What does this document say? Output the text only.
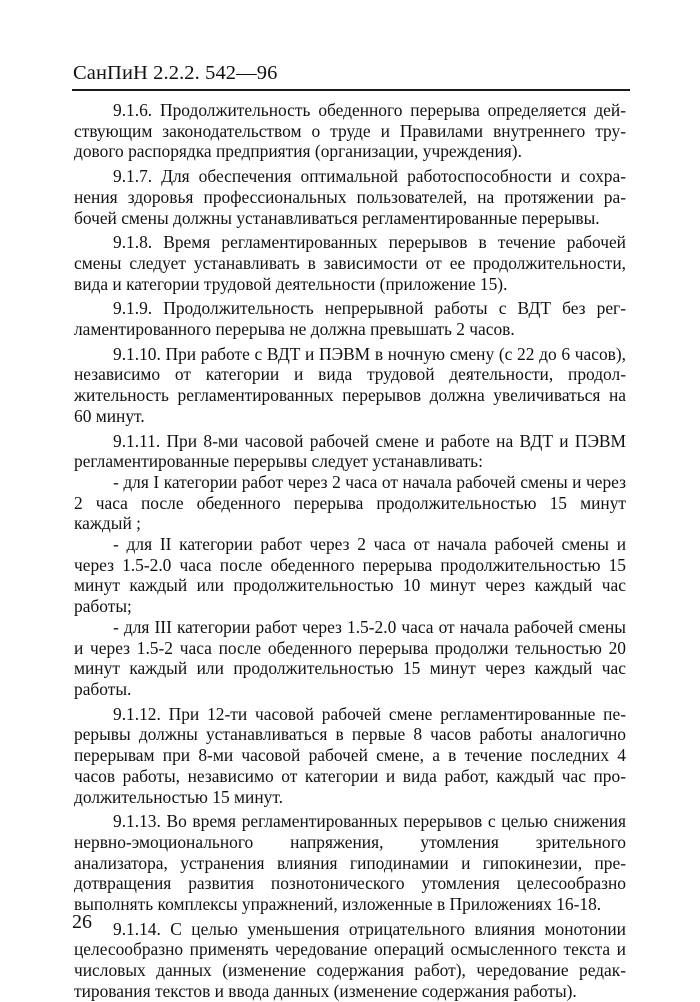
СанПиН 2.2.2. 542—96

9.1.6. Продолжительность обеденного перерыва определяется действующим законодательством о труде и Правилами внутреннего трудового распорядка предприятия (организации, учреждения).

9.1.7. Для обеспечения оптимальной работоспособности и сохранения здоровья профессиональных пользователей, на протяжении рабочей смены должны устанавливаться регламентированные перерывы.

9.1.8. Время регламентированных перерывов в течение рабочей смены следует устанавливать в зависимости от ее продолжительности, вида и категории трудовой деятельности (приложение 15).

9.1.9. Продолжительность непрерывной работы с ВДТ без регламентированного перерыва не должна превышать 2 часов.

9.1.10. При работе с ВДТ и ПЭВМ в ночную смену (с 22 до 6 часов), независимо от категории и вида трудовой деятельности, продолжительность регламентированных перерывов должна увеличиваться на 60 минут.

9.1.11. При 8-ми часовой рабочей смене и работе на ВДТ и ПЭВМ регламентированные перерывы следует устанавливать:

- для I категории работ через 2 часа от начала рабочей смены и через 2 часа после обеденного перерыва продолжительностью 15 минут каждый ;

- для II категории работ через 2 часа от начала рабочей смены и через 1.5-2.0 часа после обеденного перерыва продолжительностью 15 минут каждый или продолжительностью 10 минут через каждый час работы;

- для III категории работ через 1.5-2.0 часа от начала рабочей смены и через 1.5-2 часа после обеденного перерыва продолжи тельностью 20 минут каждый или продолжительностью 15 минут через каждый час работы.

9.1.12. При 12-ти часовой рабочей смене регламентированные перерывы должны устанавливаться в первые 8 часов работы аналогично перерывам при 8-ми часовой рабочей смене, а в течение последних 4 часов работы, независимо от категории и вида работ, каждый час продолжительностью 15 минут.

9.1.13. Во время регламентированных перерывов с целью снижения нервно-эмоционального напряжения, утомления зрительного анализатора, устранения влияния гиподинамии и гипокинезии, предотвращения развития познотонического утомления целесообразно выполнять комплексы упражнений, изложенные в Приложениях 16-18.

9.1.14. С целью уменьшения отрицательного влияния монотонии целесообразно применять чередование операций осмысленного текста и числовых данных (изменение содержания работ), чередование редактирования текстов и ввода данных (изменение содержания работы).

26
